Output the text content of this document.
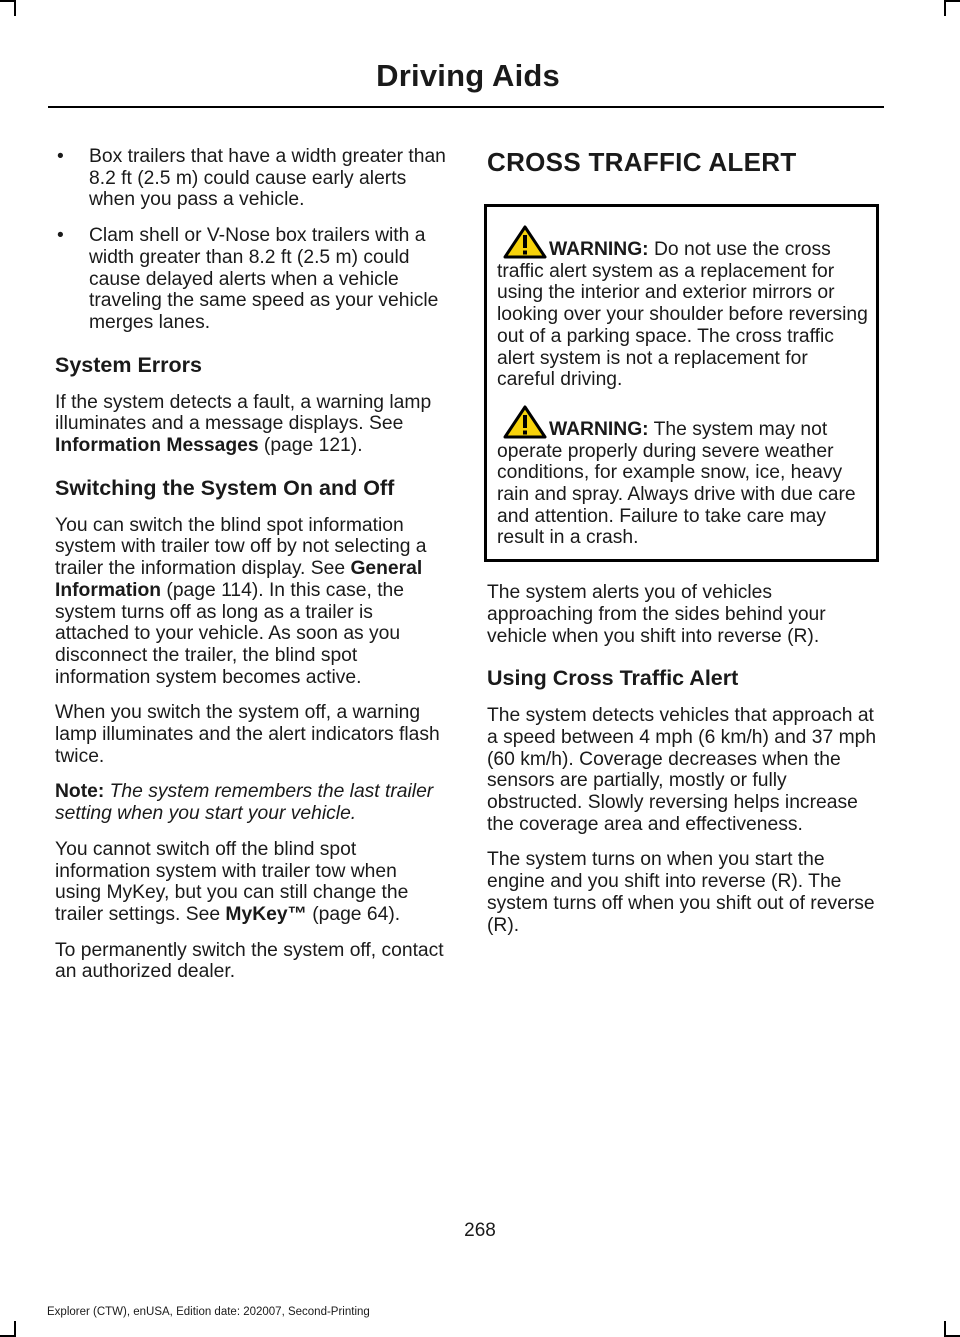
Driving Aids
• Box trailers that have a width greater than 8.2 ft (2.5 m) could cause early alerts when you pass a vehicle.
• Clam shell or V-Nose box trailers with a width greater than 8.2 ft (2.5 m) could cause delayed alerts when a vehicle traveling the same speed as your vehicle merges lanes.
System Errors

If the system detects a fault, a warning lamp illuminates and a message displays. See Information Messages (page 121).

Switching the System On and Off

You can switch the blind spot information system with trailer tow off by not selecting a trailer the information display. See General Information (page 114). In this case, the system turns off as long as a trailer is attached to your vehicle. As soon as you disconnect the trailer, the blind spot information system becomes active.

When you switch the system off, a warning lamp illuminates and the alert indicators flash twice.

Note: The system remembers the last trailer setting when you start your vehicle.

You cannot switch off the blind spot information system with trailer tow when using MyKey, but you can still change the trailer settings. See MyKey™ (page 64).

To permanently switch the system off, contact an authorized dealer.

CROSS TRAFFIC ALERT

WARNING: Do not use the cross traffic alert system as a replacement for using the interior and exterior mirrors or looking over your shoulder before reversing out of a parking space. The cross traffic alert system is not a replacement for careful driving.

WARNING: The system may not operate properly during severe weather conditions, for example snow, ice, heavy rain and spray. Always drive with due care and attention. Failure to take care may result in a crash.

The system alerts you of vehicles approaching from the sides behind your vehicle when you shift into reverse (R).

Using Cross Traffic Alert

The system detects vehicles that approach at a speed between 4 mph (6 km/h) and 37 mph (60 km/h). Coverage decreases when the sensors are partially, mostly or fully obstructed. Slowly reversing helps increase the coverage area and effectiveness.

The system turns on when you start the engine and you shift into reverse (R). The system turns off when you shift out of reverse (R).

268
Explorer (CTW), enUSA, Edition date: 202007, Second-Printing
